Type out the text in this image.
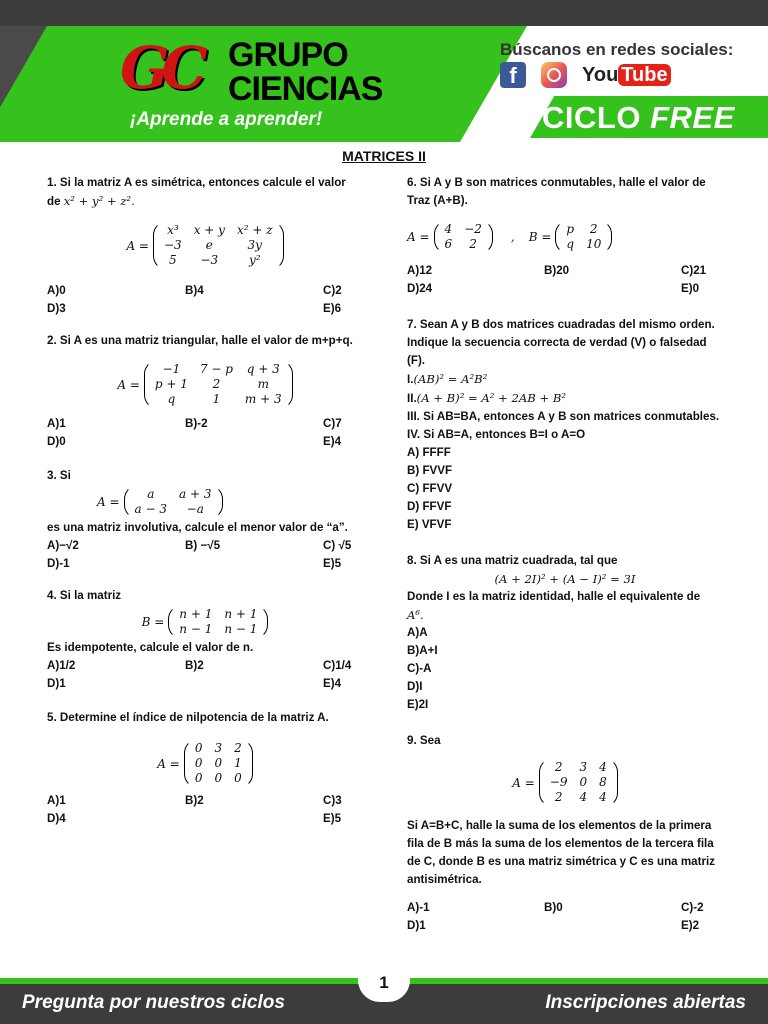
GC GRUPO
CIENCIAS
¡Aprende a aprender!
Búscanos en redes sociales:
f	You Tube
CICLO FREE
MATRICES II

1. Si la matriz A es simétrica, entonces calcule el valor

de x² + y² + z².

A =
x³	x + y	x² + z
−3	e	3y
5	−3	y²
A)0	B)4	C)2
D)3	E)6

2. Si A es una matriz triangular, halle el valor de m+p+q.

A =
−1	7 − p	q + 3
p + 1	2	m
q	1	m + 3
A)1	B)-2	C)7
D)0	E)4

3. Si

A =
a	a + 3
a − 3	−a

es una matriz involutiva, calcule el menor valor de “a”.

A)−√2	B) −√5	C) √5
D)-1	E)5

4. Si la matriz

B =
n + 1	n + 1
n − 1	n − 1

Es idempotente, calcule el valor de n.

A)1/2	B)2	C)1/4
D)1	E)4

5. Determine el índice de nilpotencia de la matriz A.

A =
0	3	2
0	0	1
0	0	0
A)1	B)2	C)3
D)4	E)5

6. Si A y B son matrices conmutables, halle el valor de

Traz (A+B).

A =
4	−2
6	2	, B =
p	2
q	10
A)12	B)20	C)21
D)24	E)0

7. Sean A y B dos matrices cuadradas del mismo orden.

Indique la secuencia correcta de verdad (V) o falsedad

(F).

I.(AB)² = A²B²

II.(A + B)² = A² + 2AB + B²

III. Si AB=BA, entonces A y B son matrices conmutables.

IV. Si AB=A, entonces B=I o A=O

A) FFFF
B) FVVF
C) FFVV
D) FFVF
E) VFVF

8. Si A es una matriz cuadrada, tal que

(A + 2I)² + (A − I)² = 3I

Donde I es la matriz identidad, halle el equivalente de

A⁶.

A)A
B)A+I
C)-A
D)I
E)2I

9. Sea

A =
2	3	4
−9	0	8
2	4	4

Si A=B+C, halle la suma de los elementos de la primera

fila de B más la suma de los elementos de la tercera fila

de C, donde B es una matriz simétrica y C es una matriz

antisimétrica.

A)-1	B)0	C)-2
D)1	E)2
Pregunta por nuestros ciclos	Inscripciones abiertas
1
